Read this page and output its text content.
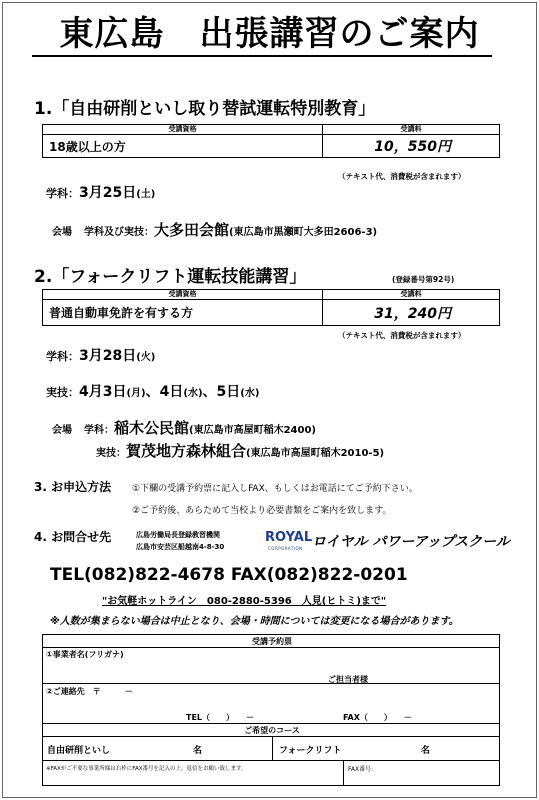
東広島　出張講習のご案内
1.「自由研削といし取り替試運転特別教育」
受講資格	受講料
18歳以上の方	10，550円
（テキスト代、消費税が含まれます）
学科：3月25日(土)
会場 学科及び実技：大多田会館(東広島市黒瀬町大多田2606-3)
2.「フォークリフト運転技能講習」	(登録番号第92号)
受講資格	受講料
普通自動車免許を有する方	31，240円
（テキスト代、消費税が含まれます）
学科：3月28日(火)
実技：4月3日(月)、4日(水)、5日(水)
会場 学科：稲木公民館(東広島市高屋町稲木2400)
実技：賀茂地方森林組合(東広島市高屋町稲木2010-5)
3. お申込方法 ①下欄の受講予約票に記入しFAX、もしくはお電話にてご予約下さい。
②ご予約後、あらためて当校より必要書類をご案内を致します。
4. お問合せ先	広島労働局長登録教習機関
広島市安芸区船越南4-8-30
ROYAL
CORPORATION ロイヤル パワーアップスクール
TEL(082)822-4678 FAX(082)822-0201
"お気軽ホットライン　080-2880-5396　人見(ヒトミ)まで"
※人数が集まらない場合は中止となり、会場・時間については変更になる場合があります。
受講予約票
①事業者名(フリガナ)
ご担当者様
②ご連絡先　〒　　　－
TEL（　　）　　－	FAX（　　）　　－
ご希望のコース
自由研削といし	名	フォークリフト	名
※FAXがご不要な事業所様は右枠にFAX番号を記入の上、返信をお願い致します。	FAX番号:
